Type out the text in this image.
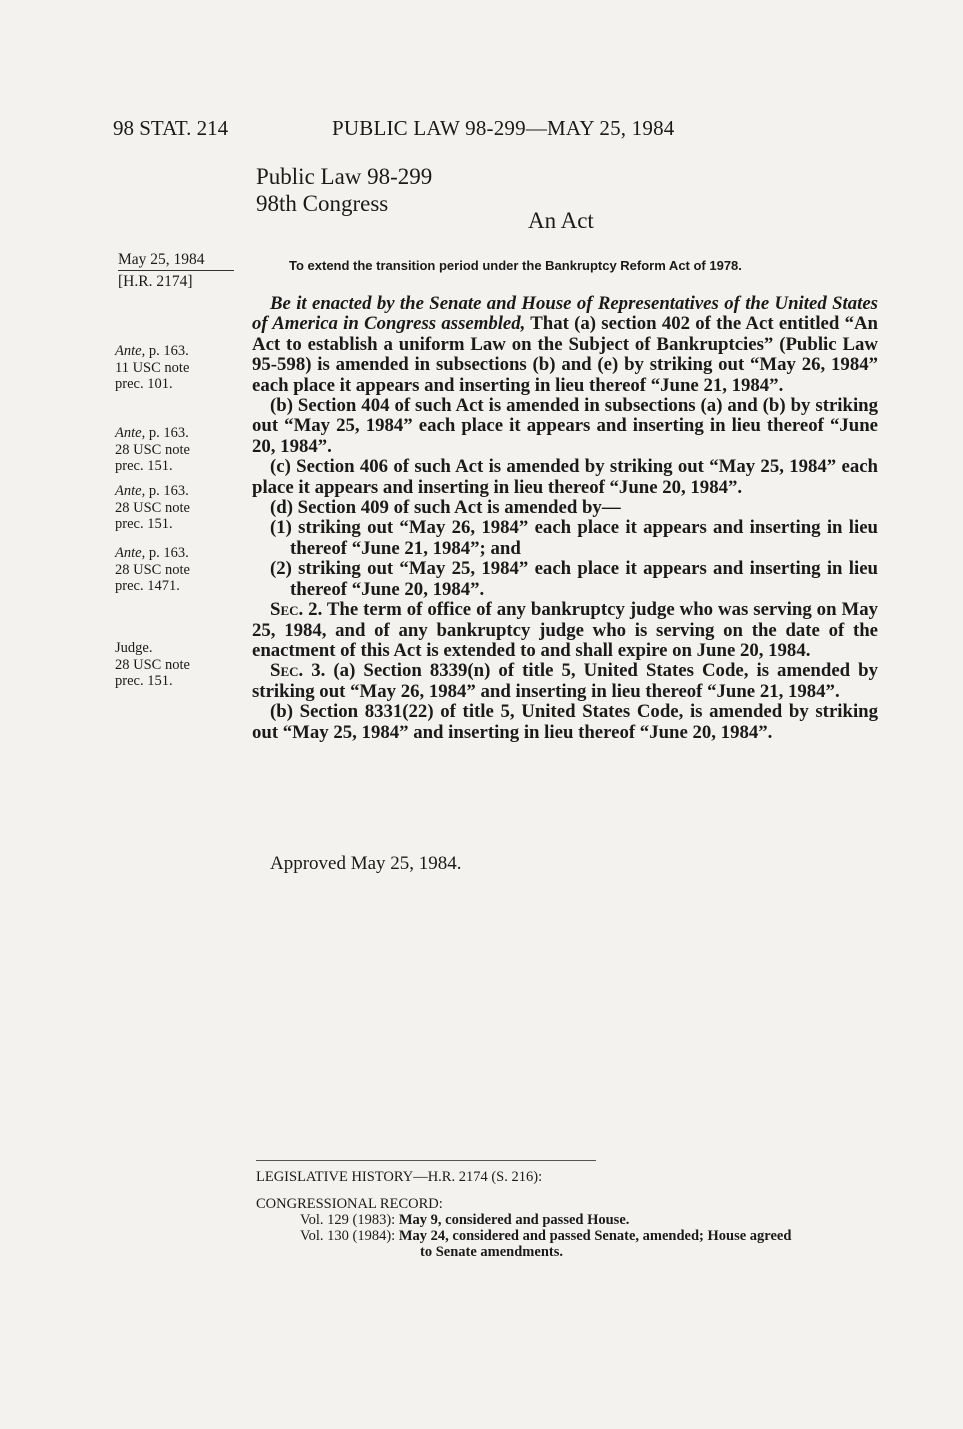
98 STAT. 214	PUBLIC LAW 98-299—MAY 25, 1984
Public Law 98-299
98th Congress
An Act
May 25, 1984
[H.R. 2174]
Ante, p. 163.
11 USC note
prec. 101.
Ante, p. 163.
28 USC note
prec. 151.
Ante, p. 163.
28 USC note
prec. 151.
Ante, p. 163.
28 USC note
prec. 1471.
Judge.
28 USC note
prec. 151.
To extend the transition period under the Bankruptcy Reform Act of 1978.

Be it enacted by the Senate and House of Representatives of the United States of America in Congress assembled, That (a) section 402 of the Act entitled “An Act to establish a uniform Law on the Subject of Bankruptcies” (Public Law 95-598) is amended in subsections (b) and (e) by striking out “May 26, 1984” each place it appears and inserting in lieu thereof “June 21, 1984”.

(b) Section 404 of such Act is amended in subsections (a) and (b) by striking out “May 25, 1984” each place it appears and inserting in lieu thereof “June 20, 1984”.

(c) Section 406 of such Act is amended by striking out “May 25, 1984” each place it appears and inserting in lieu thereof “June 20, 1984”.

(d) Section 409 of such Act is amended by—

(1) striking out “May 26, 1984” each place it appears and inserting in lieu thereof “June 21, 1984”; and

(2) striking out “May 25, 1984” each place it appears and inserting in lieu thereof “June 20, 1984”.

Sec. 2. The term of office of any bankruptcy judge who was serving on May 25, 1984, and of any bankruptcy judge who is serving on the date of the enactment of this Act is extended to and shall expire on June 20, 1984.

Sec. 3. (a) Section 8339(n) of title 5, United States Code, is amended by striking out “May 26, 1984” and inserting in lieu thereof “June 21, 1984”.

(b) Section 8331(22) of title 5, United States Code, is amended by striking out “May 25, 1984” and inserting in lieu thereof “June 20, 1984”.

Approved May 25, 1984.
LEGISLATIVE HISTORY—H.R. 2174 (S. 216):
CONGRESSIONAL RECORD:
Vol. 129 (1983): May 9, considered and passed House.
Vol. 130 (1984): May 24, considered and passed Senate, amended; House agreed
to Senate amendments.
